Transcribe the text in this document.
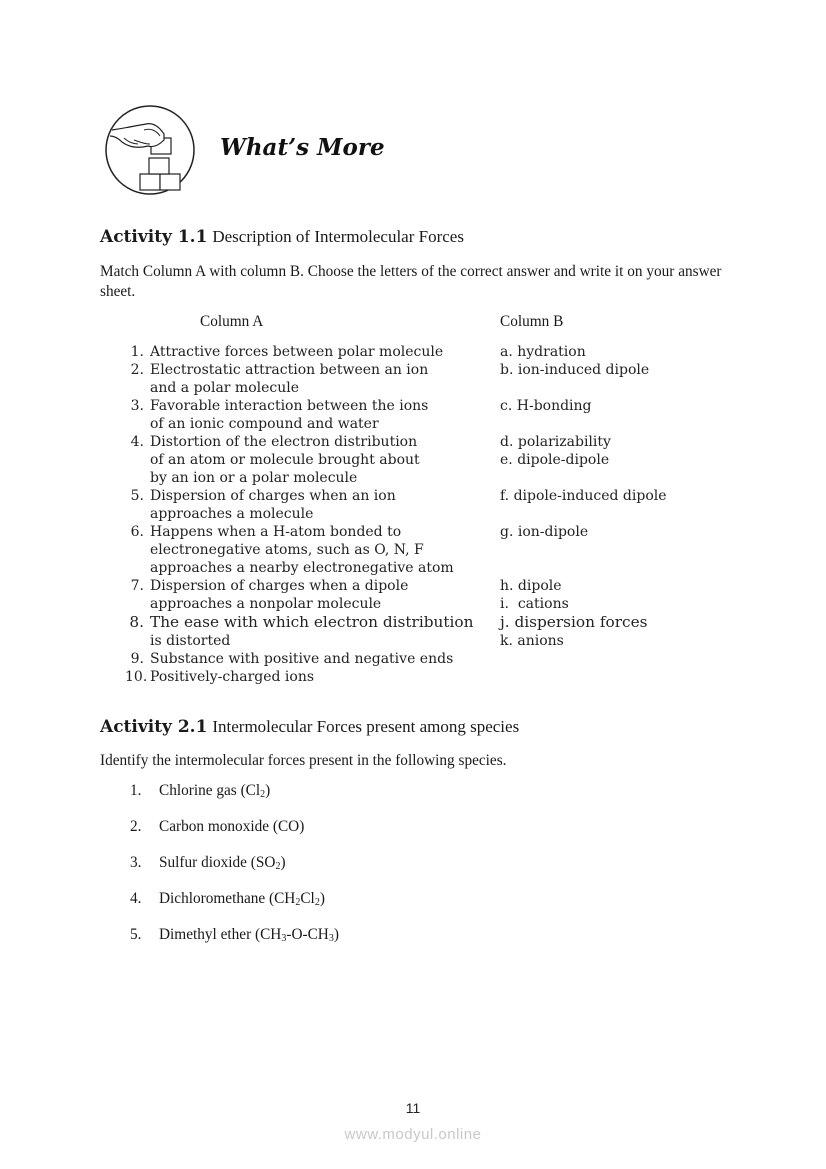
What’s More
Activity 1.1 Description of Intermolecular Forces
Match Column A with column B. Choose the letters of the correct answer and write it on your answer sheet.
Column A	Column B
1. Attractive forces between polar molecule
2. Electrostatic attraction between an ion
and a polar molecule
3. Favorable interaction between the ions
of an ionic compound and water
4. Distortion of the electron distribution
of an atom or molecule brought about
by an ion or a polar molecule
5. Dispersion of charges when an ion
approaches a molecule
6. Happens when a H-atom bonded to
electronegative atoms, such as O, N, F
approaches a nearby electronegative atom
7. Dispersion of charges when a dipole
approaches a nonpolar molecule
8. The ease with which electron distribution
is distorted
9. Substance with positive and negative ends
10. Positively-charged ions
a. hydration
b. ion-induced dipole
c. H-bonding
d. polarizability
e. dipole-dipole
f. dipole-induced dipole
g. ion-dipole
h. dipole
i. cations
j. dispersion forces
k. anions
Activity 2.1 Intermolecular Forces present among species
Identify the intermolecular forces present in the following species.
1. Chlorine gas $(Cl_2)$
2. Carbon monoxide (CO)
3. Sulfur dioxide $(SO_2)$
4. Dichloromethane $(CH_2Cl_2)$
5. Dimethyl ether $(CH_3-O-CH_3)$
11
www.modyul.online
